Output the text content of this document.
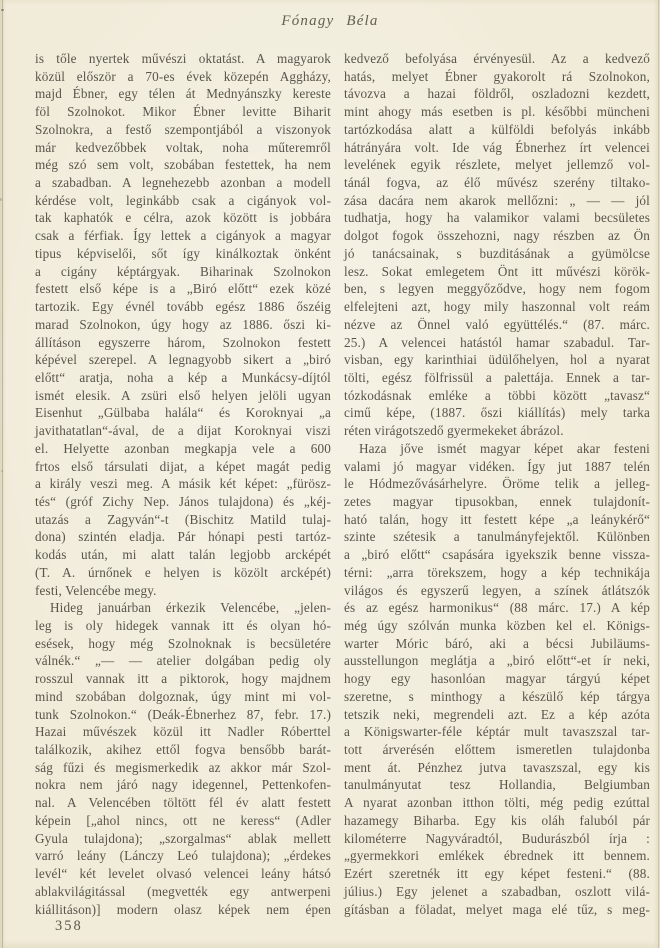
Fónagy Béla
is tőle nyertek művészi oktatást. A magyarok
közül először a 70-es évek közepén Aggházy,
majd Ébner, egy télen át Mednyánszky kereste
föl Szolnokot. Mikor Ébner levitte Biharit
Szolnokra, a festő szempontjából a viszonyok
már kedvezőbbek voltak, noha műteremről
még szó sem volt, szobában festettek, ha nem
a szabadban. A legnehezebb azonban a modell
kérdése volt, leginkább csak a cigányok vol-
tak kaphatók e célra, azok között is jobbára
csak a férfiak. Így lettek a cigányok a magyar
tipus képviselői, sőt így kinálkoztak önként
a cigány képtárgyak. Biharinak Szolnokon
festett első képe is a „Biró előtt“ ezek közé
tartozik. Egy évnél tovább egész 1886 őszéig
marad Szolnokon, úgy hogy az 1886. őszi ki-
állításon egyszerre három, Szolnokon festett
képével szerepel. A legnagyobb sikert a „biró
előtt“ aratja, noha a kép a Munkácsy-díjtól
ismét elesik. A zsüri első helyen jelöli ugyan
Eisenhut „Gülbaba halála“ és Koroknyai „a
javithatatlan“-ával, de a dijat Koroknyai viszi
el. Helyette azonban megkapja vele a 600
frtos első társulati dijat, a képet magát pedig
a király veszi meg. A másik két képet: „fürösz-
tés“ (gróf Zichy Nep. János tulajdona) és „kéj-
utazás a Zagyván“-t (Bischitz Matild tulaj-
dona) szintén eladja. Pár hónapi pesti tartóz-
kodás után, mi alatt talán legjobb arcképét
(T. A. úrnőnek e helyen is közölt arcképét)
festi, Velencébe megy.
Hideg januárban érkezik Velencébe, „jelen-
leg is oly hidegek vannak itt és olyan hó-
esések, hogy még Szolnoknak is becsületére
válnék.“ „— — atelier dolgában pedig oly
rosszul vannak itt a piktorok, hogy majdnem
mind szobában dolgoznak, úgy mint mi vol-
tunk Szolnokon.“ (Deák-Ébnerhez 87, febr. 17.)
Hazai művészek közül itt Nadler Róberttel
találkozik, akihez ettől fogva bensőbb barát-
ság fűzi és megismerkedik az akkor már Szol-
nokra nem járó nagy idegennel, Pettenkofen-
nal. A Velencében töltött fél év alatt festett
képein [„ahol nincs, ott ne keress“ (Adler
Gyula tulajdona); „szorgalmas“ ablak mellett
varró leány (Lánczy Leó tulajdona); „érdekes
levél“ két levelet olvasó velencei leány hátsó
ablakvilágitással (megvették egy antwerpeni
kiállitáson)] modern olasz képek nem épen
kedvező befolyása érvényesül. Az a kedvező
hatás, melyet Ébner gyakorolt rá Szolnokon,
távozva a hazai földről, oszladozni kezdett,
mint ahogy más esetben is pl. későbbi müncheni
tartózkodása alatt a külföldi befolyás inkább
hátrányára volt. Ide vág Ébnerhez írt velencei
levelének egyik részlete, melyet jellemző vol-
tánál fogva, az élő művész szerény tiltako-
zása dacára nem akarok mellőzni: „ — — jól
tudhatja, hogy ha valamikor valami becsületes
dolgot fogok összehozni, nagy részben az Ön
jó tanácsainak, s buzditásának a gyümölcse
lesz. Sokat emlegetem Önt itt művészi körök-
ben, s legyen meggyőződve, hogy nem fogom
elfelejteni azt, hogy mily haszonnal volt reám
nézve az Önnel való együttélés.“ (87. márc.
25.) A velencei hatástól hamar szabadul. Tar-
visban, egy karinthiai üdülőhelyen, hol a nyarat
tölti, egész fölfrissül a palettája. Ennek a tar-
tózkodásnak emléke a többi között „tavasz“
cimű képe, (1887. őszi kiállítás) mely tarka
réten virágotszedő gyermekeket ábrázol.
Haza jőve ismét magyar képet akar festeni
valami jó magyar vidéken. Így jut 1887 telén
le Hódmezővásárhelyre. Öröme telik a jelleg-
zetes magyar tipusokban, ennek tulajdonít-
ható talán, hogy itt festett képe „a leánykérő“
szinte szétesik a tanulmányfejektől. Különben
a „biró előtt“ csapására igyekszik benne vissza-
térni: „arra törekszem, hogy a kép technikája
világos és egyszerű legyen, a színek átlátszók
és az egész harmonikus“ (88 márc. 17.) A kép
még úgy szólván munka közben kel el. Königs-
warter Móric báró, aki a bécsi Jubiläums-
ausstellungon meglátja a „biró előtt“-et ír neki,
hogy egy hasonlóan magyar tárgyú képet
szeretne, s minthogy a készülő kép tárgya
tetszik neki, megrendeli azt. Ez a kép azóta
a Königswarter-féle képtár mult tavaszszal tar-
tott árverésén előttem ismeretlen tulajdonba
ment át. Pénzhez jutva tavaszszal, egy kis
tanulmányutat tesz Hollandia, Belgiumban
A nyarat azonban itthon tölti, még pedig ezúttal
hazamegy Biharba. Egy kis oláh faluból pár
kilométerre Nagyváradtól, Budurászból írja :
„gyermekkori emlékek ébrednek itt bennem.
Ezért szeretnék itt egy képet festeni.“ (88.
július.) Egy jelenet a szabadban, oszlott vilá-
gításban a föladat, melyet maga elé tűz, s meg-
358
